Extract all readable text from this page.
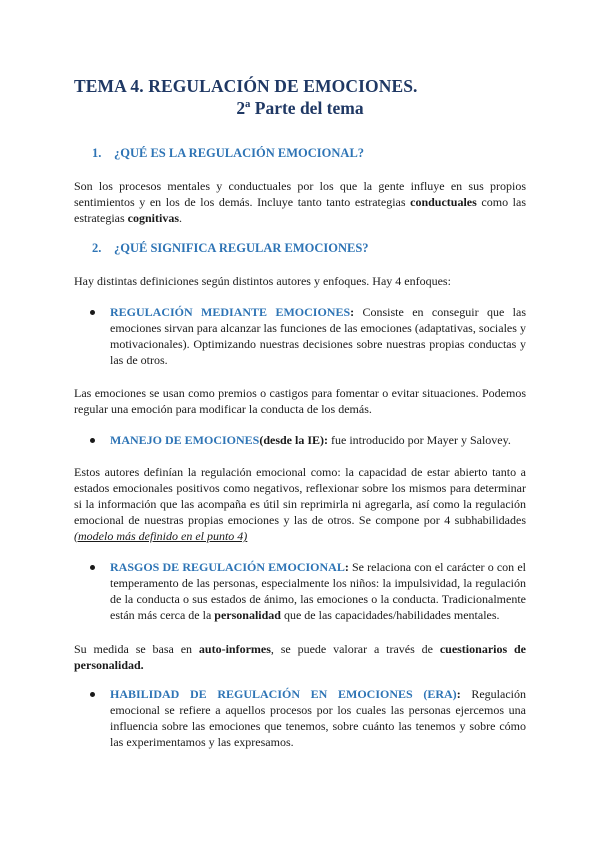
TEMA 4. REGULACIÓN DE EMOCIONES.
2ª Parte del tema
1. ¿QUÉ ES LA REGULACIÓN EMOCIONAL?

Son los procesos mentales y conductuales por los que la gente influye en sus propios sentimientos y en los de los demás. Incluye tanto tanto estrategias conductuales como las estrategias cognitivas.

2. ¿QUÉ SIGNIFICA REGULAR EMOCIONES?

Hay distintas definiciones según distintos autores y enfoques. Hay 4 enfoques:

REGULACIÓN MEDIANTE EMOCIONES: Consiste en conseguir que las emociones sirvan para alcanzar las funciones de las emociones (adaptativas, sociales y motivacionales). Optimizando nuestras decisiones sobre nuestras propias conductas y las de otros.

Las emociones se usan como premios o castigos para fomentar o evitar situaciones. Podemos regular una emoción para modificar la conducta de los demás.

MANEJO DE EMOCIONES(desde la IE): fue introducido por Mayer y Salovey.

Estos autores definían la regulación emocional como: la capacidad de estar abierto tanto a estados emocionales positivos como negativos, reflexionar sobre los mismos para determinar si la información que las acompaña es útil sin reprimirla ni agregarla, así como la regulación emocional de nuestras propias emociones y las de otros. Se compone por 4 subhabilidades (modelo más definido en el punto 4)

RASGOS DE REGULACIÓN EMOCIONAL: Se relaciona con el carácter o con el temperamento de las personas, especialmente los niños: la impulsividad, la regulación de la conducta o sus estados de ánimo, las emociones o la conducta. Tradicionalmente están más cerca de la personalidad que de las capacidades/habilidades mentales.

Su medida se basa en auto-informes, se puede valorar a través de cuestionarios de personalidad.

HABILIDAD DE REGULACIÓN EN EMOCIONES (ERA): Regulación emocional se refiere a aquellos procesos por los cuales las personas ejercemos una influencia sobre las emociones que tenemos, sobre cuánto las tenemos y sobre cómo las experimentamos y las expresamos.
